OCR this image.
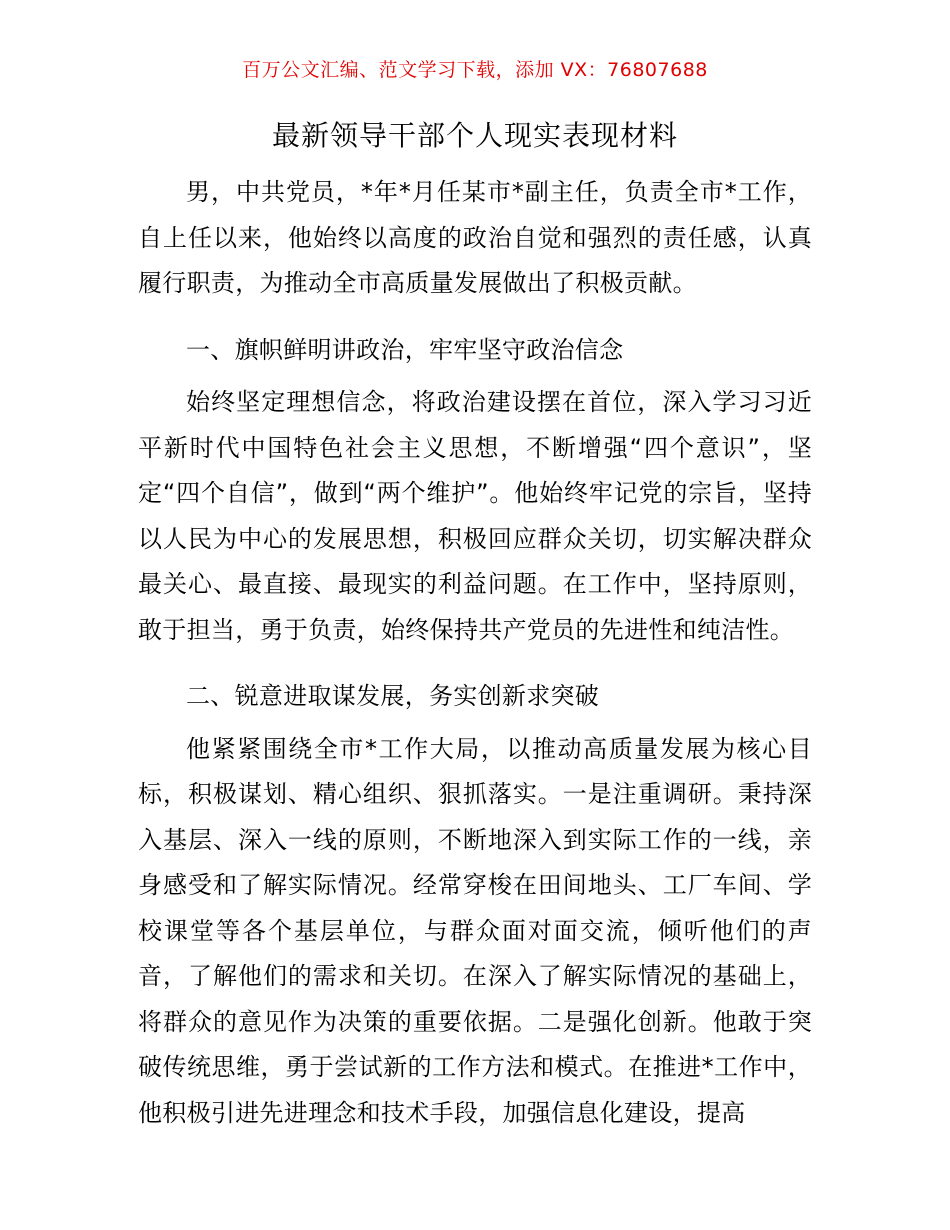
百万公文汇编、范文学习下载，添加 VX：76807688
最新领导干部个人现实表现材料

男，中共党员，*年*月任某市*副主任，负责全市*工作，自上任以来，他始终以高度的政治自觉和强烈的责任感，认真履行职责，为推动全市高质量发展做出了积极贡献。

一、旗帜鲜明讲政治，牢牢坚守政治信念

始终坚定理想信念，将政治建设摆在首位，深入学习习近平新时代中国特色社会主义思想，不断增强“四个意识”，坚定“四个自信”，做到“两个维护”。他始终牢记党的宗旨，坚持以人民为中心的发展思想，积极回应群众关切，切实解决群众最关心、最直接、最现实的利益问题。在工作中，坚持原则，敢于担当，勇于负责，始终保持共产党员的先进性和纯洁性。

二、锐意进取谋发展，务实创新求突破

他紧紧围绕全市*工作大局，以推动高质量发展为核心目标，积极谋划、精心组织、狠抓落实。一是注重调研。秉持深入基层、深入一线的原则，不断地深入到实际工作的一线，亲身感受和了解实际情况。经常穿梭在田间地头、工厂车间、学校课堂等各个基层单位，与群众面对面交流，倾听他们的声音，了解他们的需求和关切。在深入了解实际情况的基础上，将群众的意见作为决策的重要依据。二是强化创新。他敢于突破传统思维，勇于尝试新的工作方法和模式。在推进*工作中，他积极引进先进理念和技术手段，加强信息化建设，提高
